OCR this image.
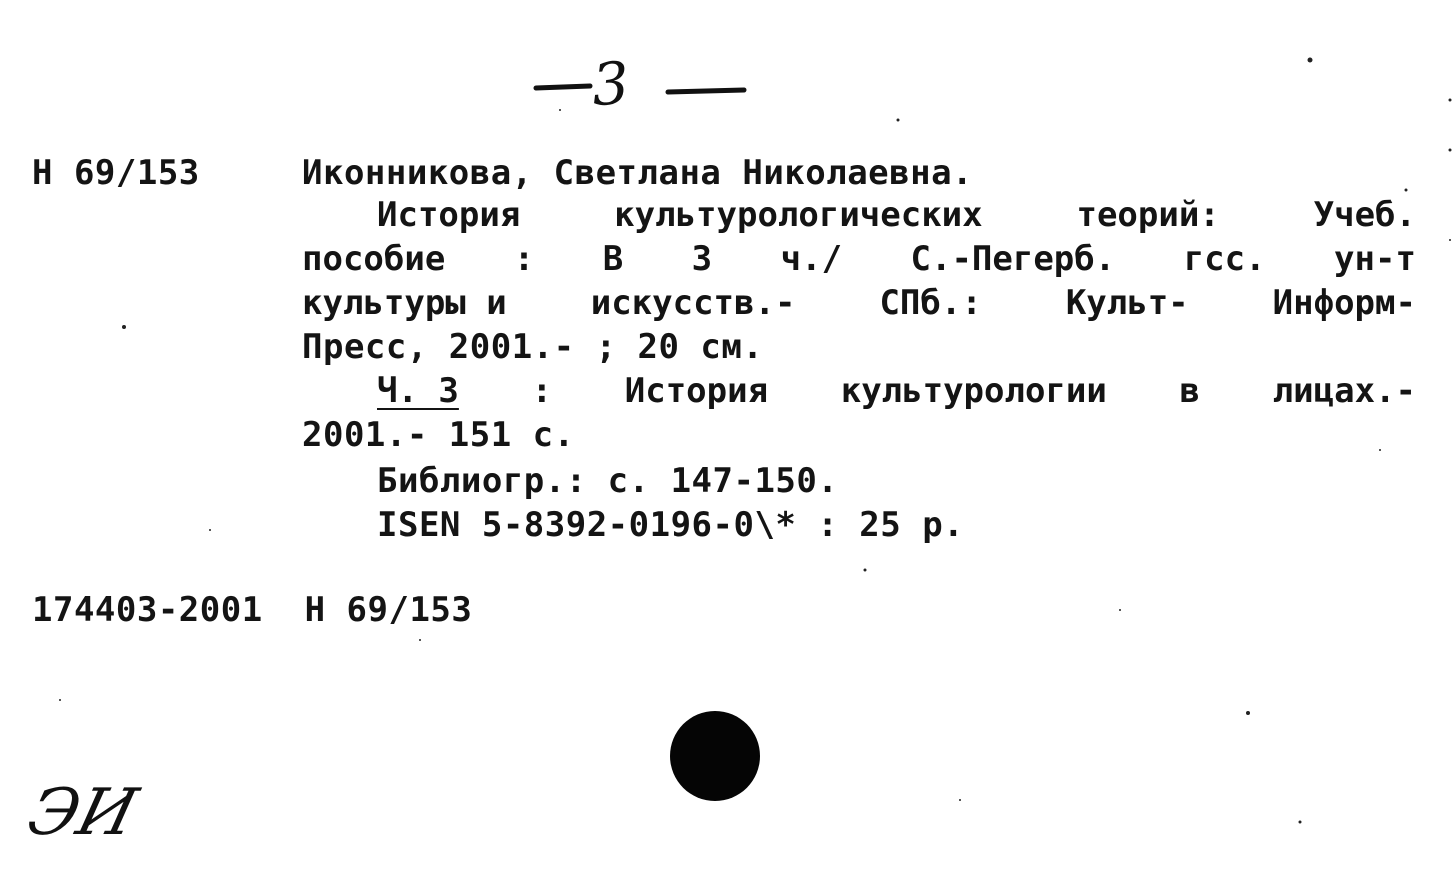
3
Н 69/153	Иконникова, Светлана Николаевна.
История	культурологических	теорий:	Учеб.
пособие : В 3 ч./ С.-Пегерб. гсс. ун-т
культуры и искусств.- СПб.: Культ- Информ-
Пресс, 2001.- ; 20 см.
Ч. 3 : История культурологии в лицах.-
2001.- 151 с.
Библиогр.: с. 147-150.
ISEN 5-8392-0196-0\* : 25 р.
174403-2001  Н 69/153
ЭИ
